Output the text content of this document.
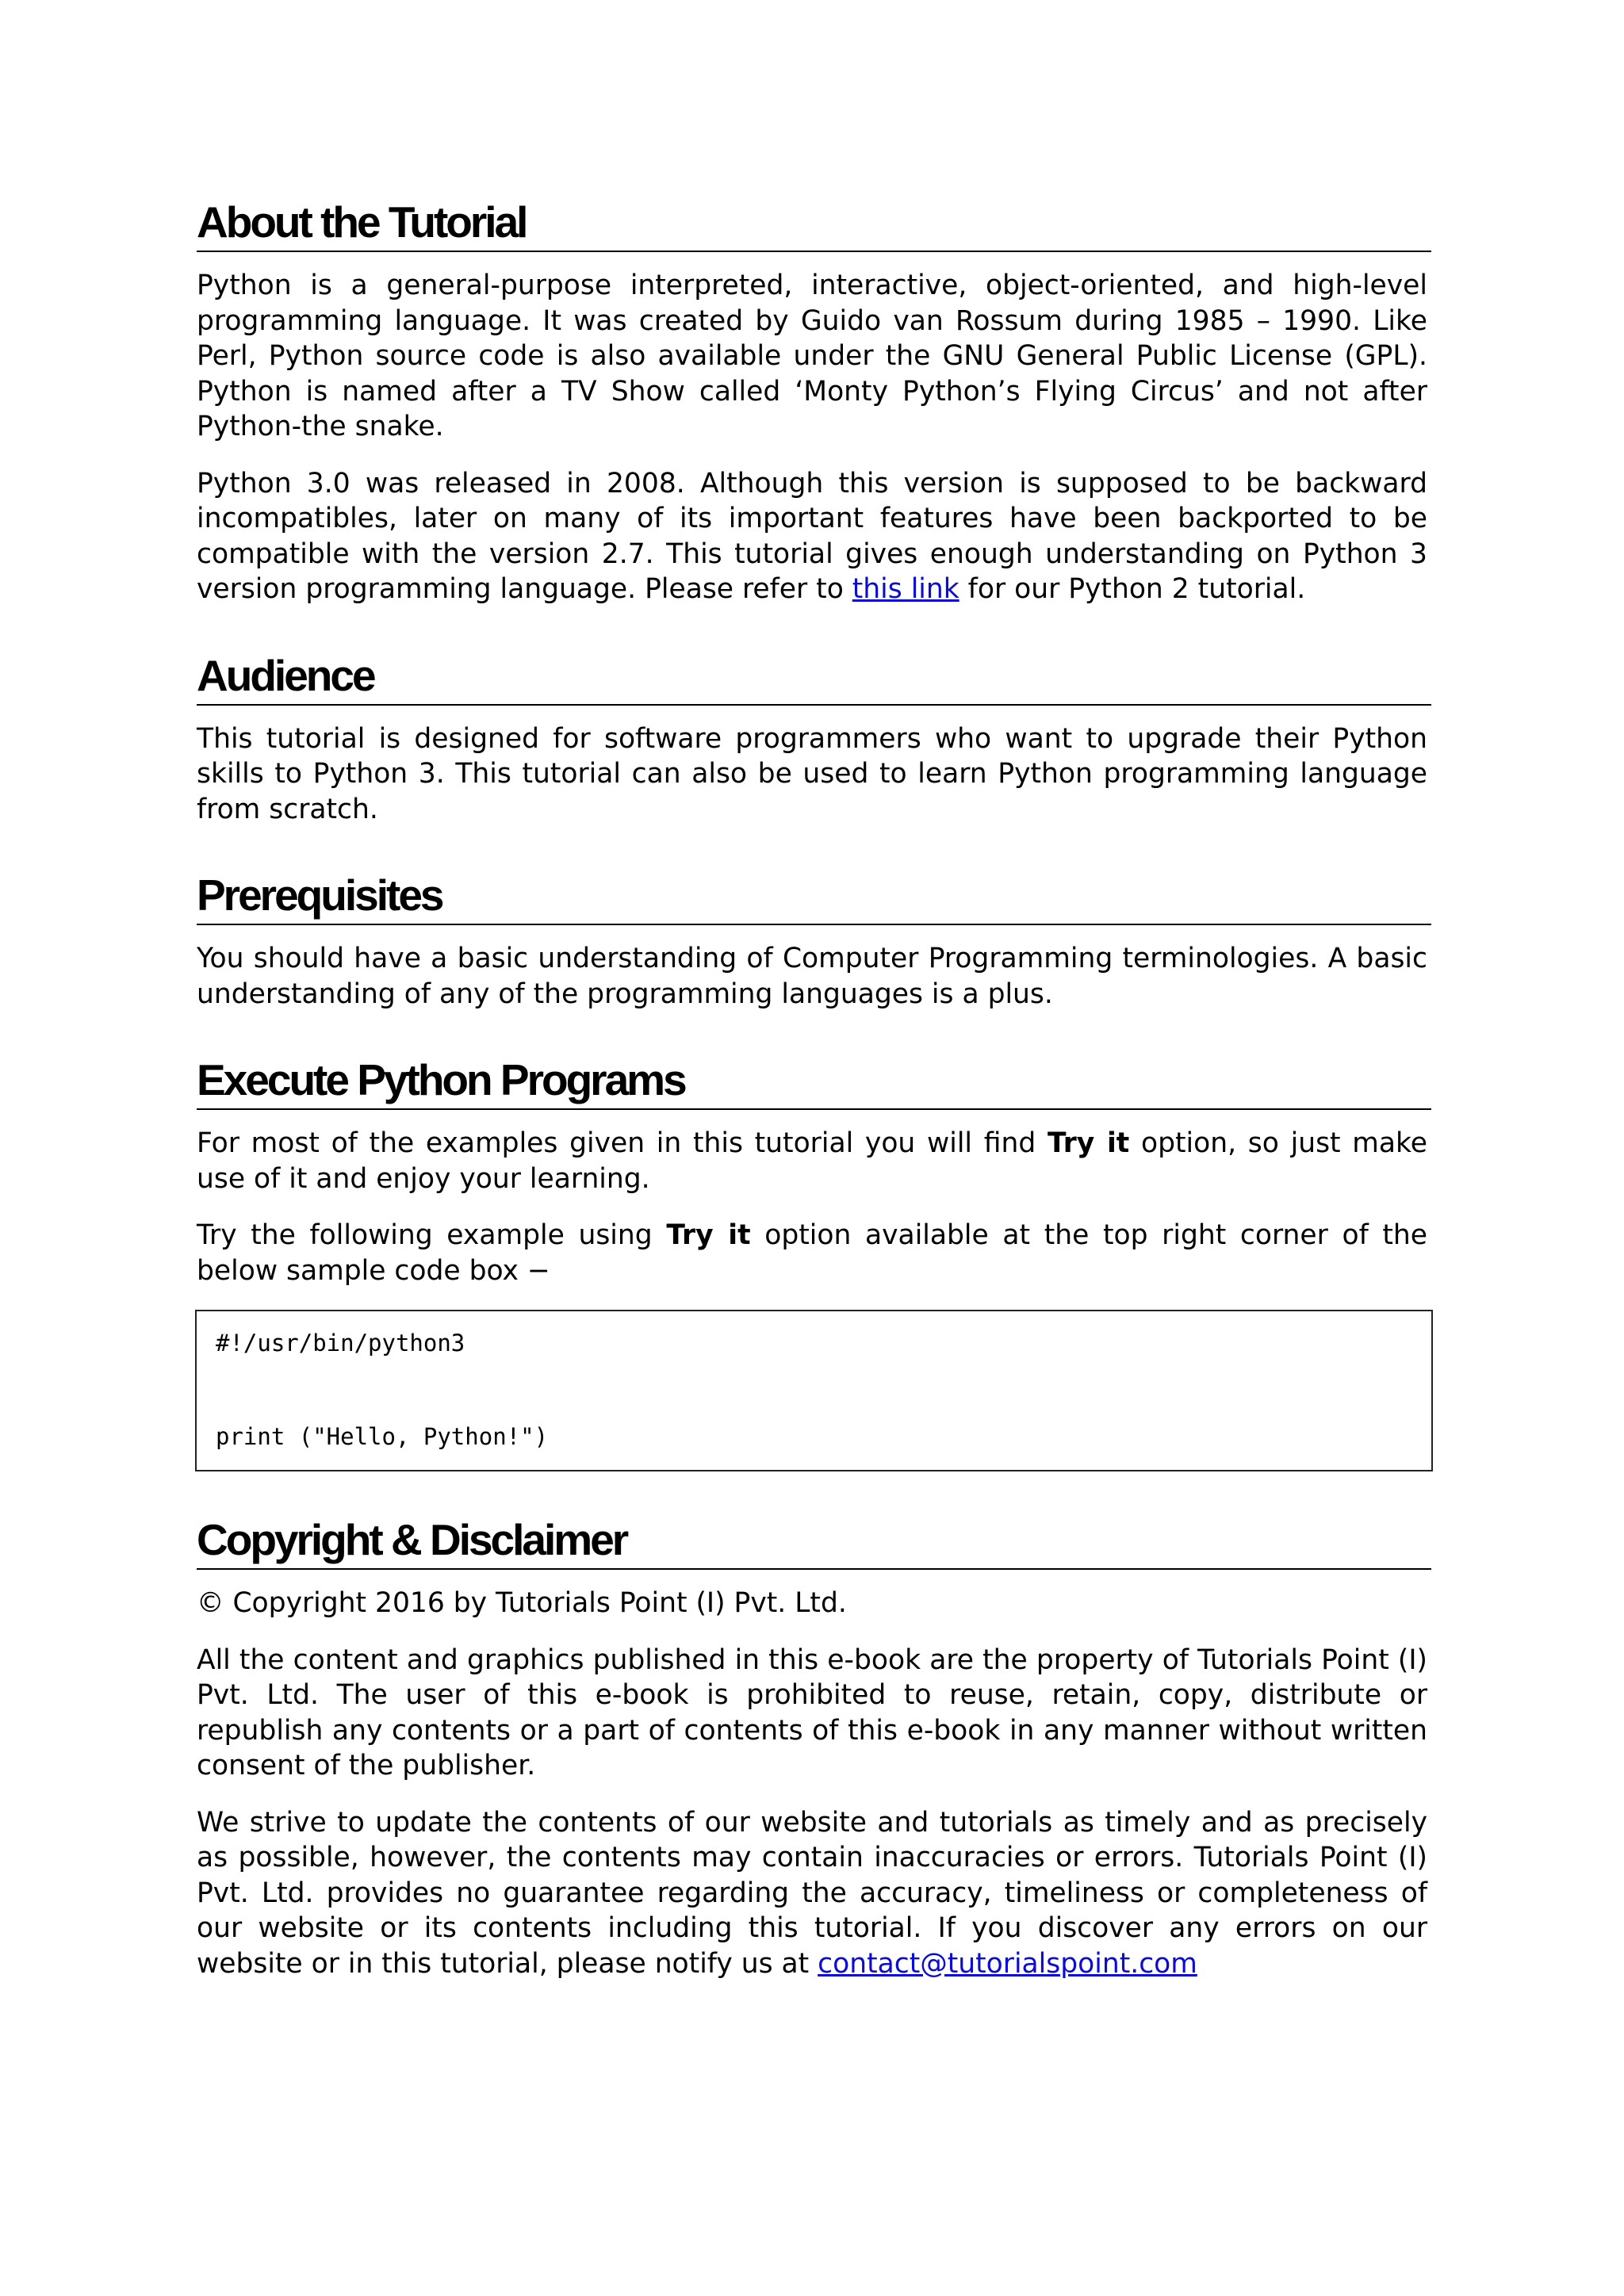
About the Tutorial

Python is a general-purpose interpreted, interactive, object-oriented, and high-level programming language. It was created by Guido van Rossum during 1985 – 1990. Like Perl, Python source code is also available under the GNU General Public License (GPL). Python is named after a TV Show called ‘Monty Python’s Flying Circus’ and not after Python-the snake.

Python 3.0 was released in 2008. Although this version is supposed to be backward incompatibles, later on many of its important features have been backported to be compatible with the version 2.7. This tutorial gives enough understanding on Python 3 version programming language. Please refer to this link for our Python 2 tutorial.

Audience

This tutorial is designed for software programmers who want to upgrade their Python skills to Python 3. This tutorial can also be used to learn Python programming language from scratch.

Prerequisites

You should have a basic understanding of Computer Programming terminologies. A basic understanding of any of the programming languages is a plus.

Execute Python Programs

For most of the examples given in this tutorial you will find Try it option, so just make use of it and enjoy your learning.

Try the following example using Try it option available at the top right corner of the below sample code box −

#!/usr/bin/python3
print ("Hello, Python!")
Copyright & Disclaimer

© Copyright 2016 by Tutorials Point (I) Pvt. Ltd.

All the content and graphics published in this e-book are the property of Tutorials Point (I) Pvt. Ltd. The user of this e-book is prohibited to reuse, retain, copy, distribute or republish any contents or a part of contents of this e-book in any manner without written consent of the publisher.

We strive to update the contents of our website and tutorials as timely and as precisely as possible, however, the contents may contain inaccuracies or errors. Tutorials Point (I) Pvt. Ltd. provides no guarantee regarding the accuracy, timeliness or completeness of our website or its contents including this tutorial. If you discover any errors on our website or in this tutorial, please notify us at contact@tutorialspoint.com
